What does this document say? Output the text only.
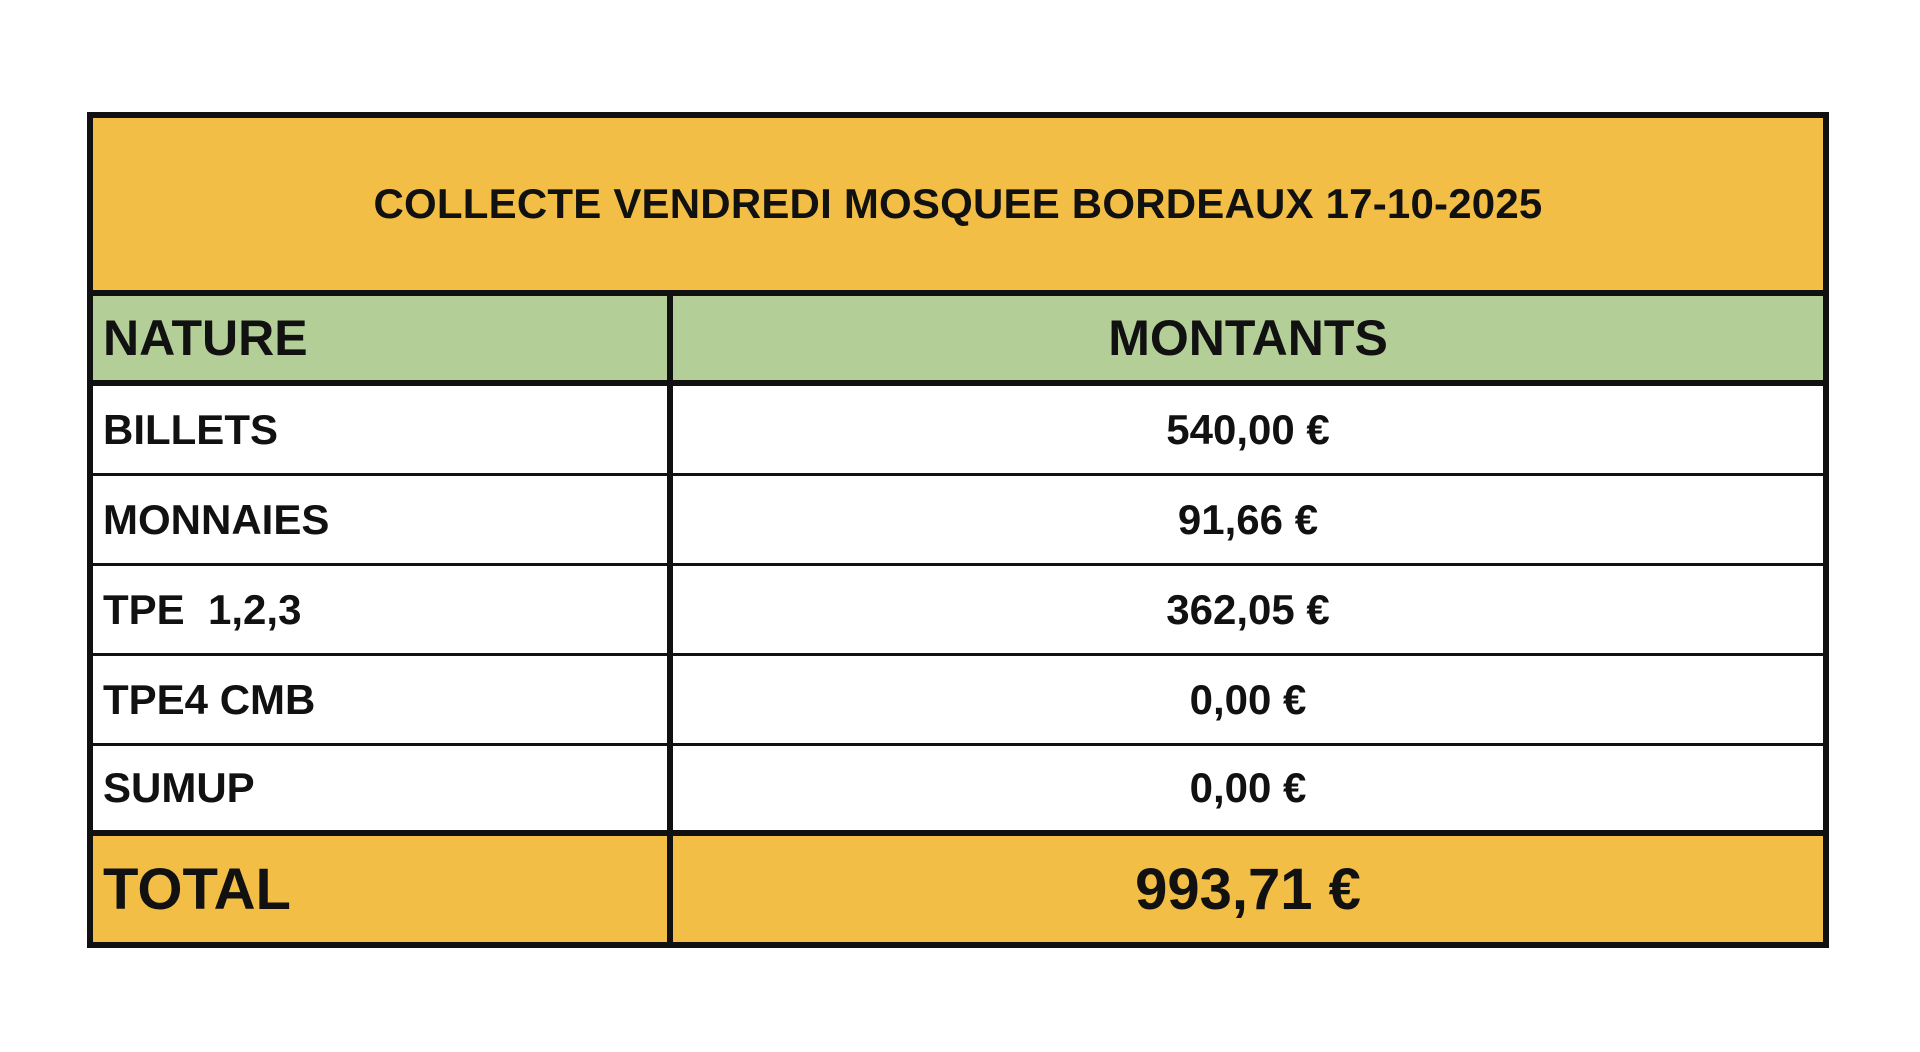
COLLECTE VENDREDI MOSQUEE BORDEAUX 17-10-2025
NATURE	MONTANTS
BILLETS	540,00 €
MONNAIES	91,66 €
TPE  1,2,3	362,05 €
TPE4 CMB	0,00 €
SUMUP	0,00 €
TOTAL	993,71 €
